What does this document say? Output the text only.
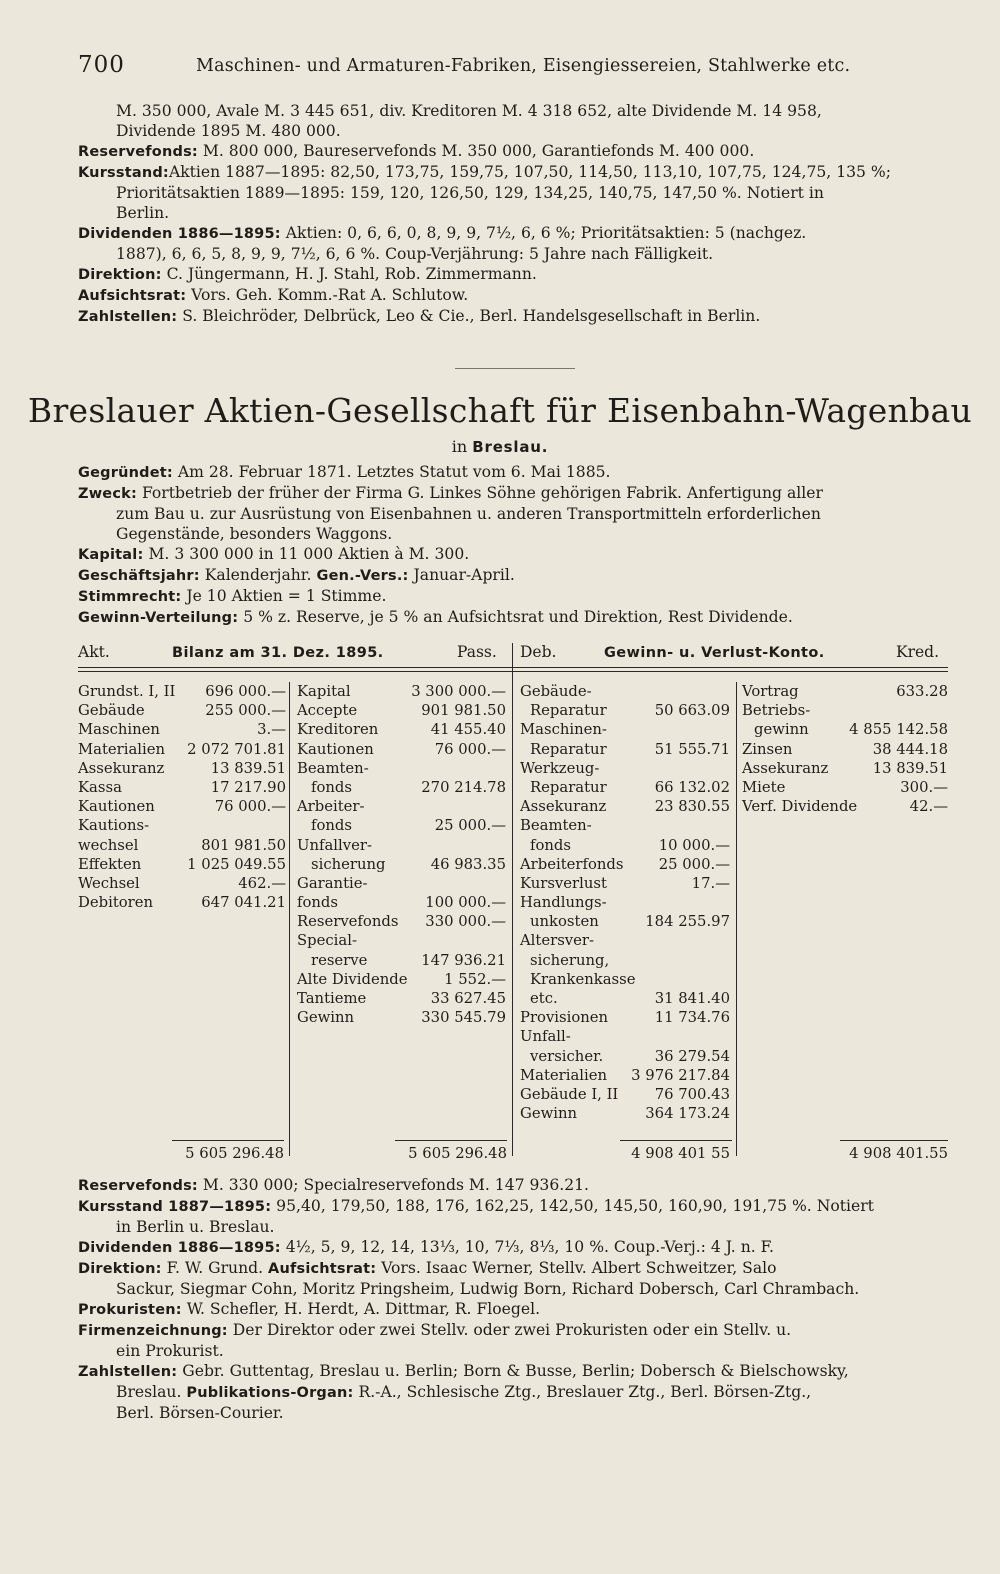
700	Maschinen- und Armaturen-Fabriken, Eisengiessereien, Stahlwerke etc.
M. 350 000, Avale M. 3 445 651, div. Kreditoren M. 4 318 652, alte Dividende M. 14 958,
Dividende 1895 M. 480 000.
Reservefonds: M. 800 000, Baureservefonds M. 350 000, Garantiefonds M. 400 000.
Kursstand:Aktien 1887—1895: 82,50, 173,75, 159,75, 107,50, 114,50, 113,10, 107,75, 124,75, 135 %;
Prioritätsaktien 1889—1895: 159, 120, 126,50, 129, 134,25, 140,75, 147,50 %. Notiert in
Berlin.
Dividenden 1886—1895: Aktien: 0, 6, 6, 0, 8, 9, 9, 7½, 6, 6 %; Prioritätsaktien: 5 (nachgez.
1887), 6, 6, 5, 8, 9, 9, 7½, 6, 6 %. Coup-Verjährung: 5 Jahre nach Fälligkeit.
Direktion: C. Jüngermann, H. J. Stahl, Rob. Zimmermann.
Aufsichtsrat: Vors. Geh. Komm.-Rat A. Schlutow.
Zahlstellen: S. Bleichröder, Delbrück, Leo & Cie., Berl. Handelsgesellschaft in Berlin.
Breslauer Aktien-Gesellschaft für Eisenbahn-Wagenbau
in Breslau.
Gegründet: Am 28. Februar 1871. Letztes Statut vom 6. Mai 1885.
Zweck: Fortbetrieb der früher der Firma G. Linkes Söhne gehörigen Fabrik. Anfertigung aller
zum Bau u. zur Ausrüstung von Eisenbahnen u. anderen Transportmitteln erforderlichen
Gegenstände, besonders Waggons.
Kapital: M. 3 300 000 in 11 000 Aktien à M. 300.
Geschäftsjahr: Kalenderjahr. Gen.-Vers.: Januar-April.
Stimmrecht: Je 10 Aktien = 1 Stimme.
Gewinn-Verteilung: 5 % z. Reserve, je 5 % an Aufsichtsrat und Direktion, Rest Dividende.
Akt.	Bilanz am 31. Dez. 1895.	Pass. Deb.	Gewinn- u. Verlust-Konto.	Kred.
Grundst. I, II 696 000.—
Gebäude	255 000.—
Maschinen	3.—
Materialien 2 072 701.81
Assekuranz	13 839.51
Kassa	17 217.90
Kautionen	76 000.—
Kautions-
wechsel	801 981.50
Effekten	1 025 049.55
Wechsel	462.—
Debitoren	647 041.21
Kapital	3 300 000.—
Accepte	901 981.50
Kreditoren	41 455.40
Kautionen	76 000.—
Beamten-
fonds	270 214.78
Arbeiter-
fonds	25 000.—
Unfallver-
sicherung	46 983.35
Garantie-
fonds	100 000.—
Reservefonds 330 000.—
Special-
reserve	147 936.21
Alte Dividende 1 552.—
Tantieme	33 627.45
Gewinn	330 545.79
Gebäude-
Reparatur	50 663.09
Maschinen-
Reparatur	51 555.71
Werkzeug-
Reparatur	66 132.02
Assekuranz	23 830.55
Beamten-
fonds	10 000.—
Arbeiterfonds 25 000.—
Kursverlust	17.—
Handlungs-
unkosten	184 255.97
Altersver-
sicherung,
Krankenkasse
etc.	31 841.40
Provisionen	11 734.76
Unfall-
versicher.	36 279.54
Materialien 3 976 217.84
Gebäude I, II 76 700.43
Gewinn	364 173.24
Vortrag	633.28
Betriebs-
gewinn	4 855 142.58
Zinsen	38 444.18
Assekuranz	13 839.51
Miete	300.—
Verf. Dividende	42.—
5 605 296.48	5 605 296.48	4 908 401 55	4 908 401.55
Reservefonds: M. 330 000; Specialreservefonds M. 147 936.21.
Kursstand 1887—1895: 95,40, 179,50, 188, 176, 162,25, 142,50, 145,50, 160,90, 191,75 %. Notiert
in Berlin u. Breslau.
Dividenden 1886—1895: 4½, 5, 9, 12, 14, 13⅓, 10, 7⅓, 8⅓, 10 %. Coup.-Verj.: 4 J. n. F.
Direktion: F. W. Grund. Aufsichtsrat: Vors. Isaac Werner, Stellv. Albert Schweitzer, Salo
Sackur, Siegmar Cohn, Moritz Pringsheim, Ludwig Born, Richard Dobersch, Carl Chrambach.
Prokuristen: W. Schefler, H. Herdt, A. Dittmar, R. Floegel.
Firmenzeichnung: Der Direktor oder zwei Stellv. oder zwei Prokuristen oder ein Stellv. u.
ein Prokurist.
Zahlstellen: Gebr. Guttentag, Breslau u. Berlin; Born & Busse, Berlin; Dobersch & Bielschowsky,
Breslau. Publikations-Organ: R.-A., Schlesische Ztg., Breslauer Ztg., Berl. Börsen-Ztg.,
Berl. Börsen-Courier.
